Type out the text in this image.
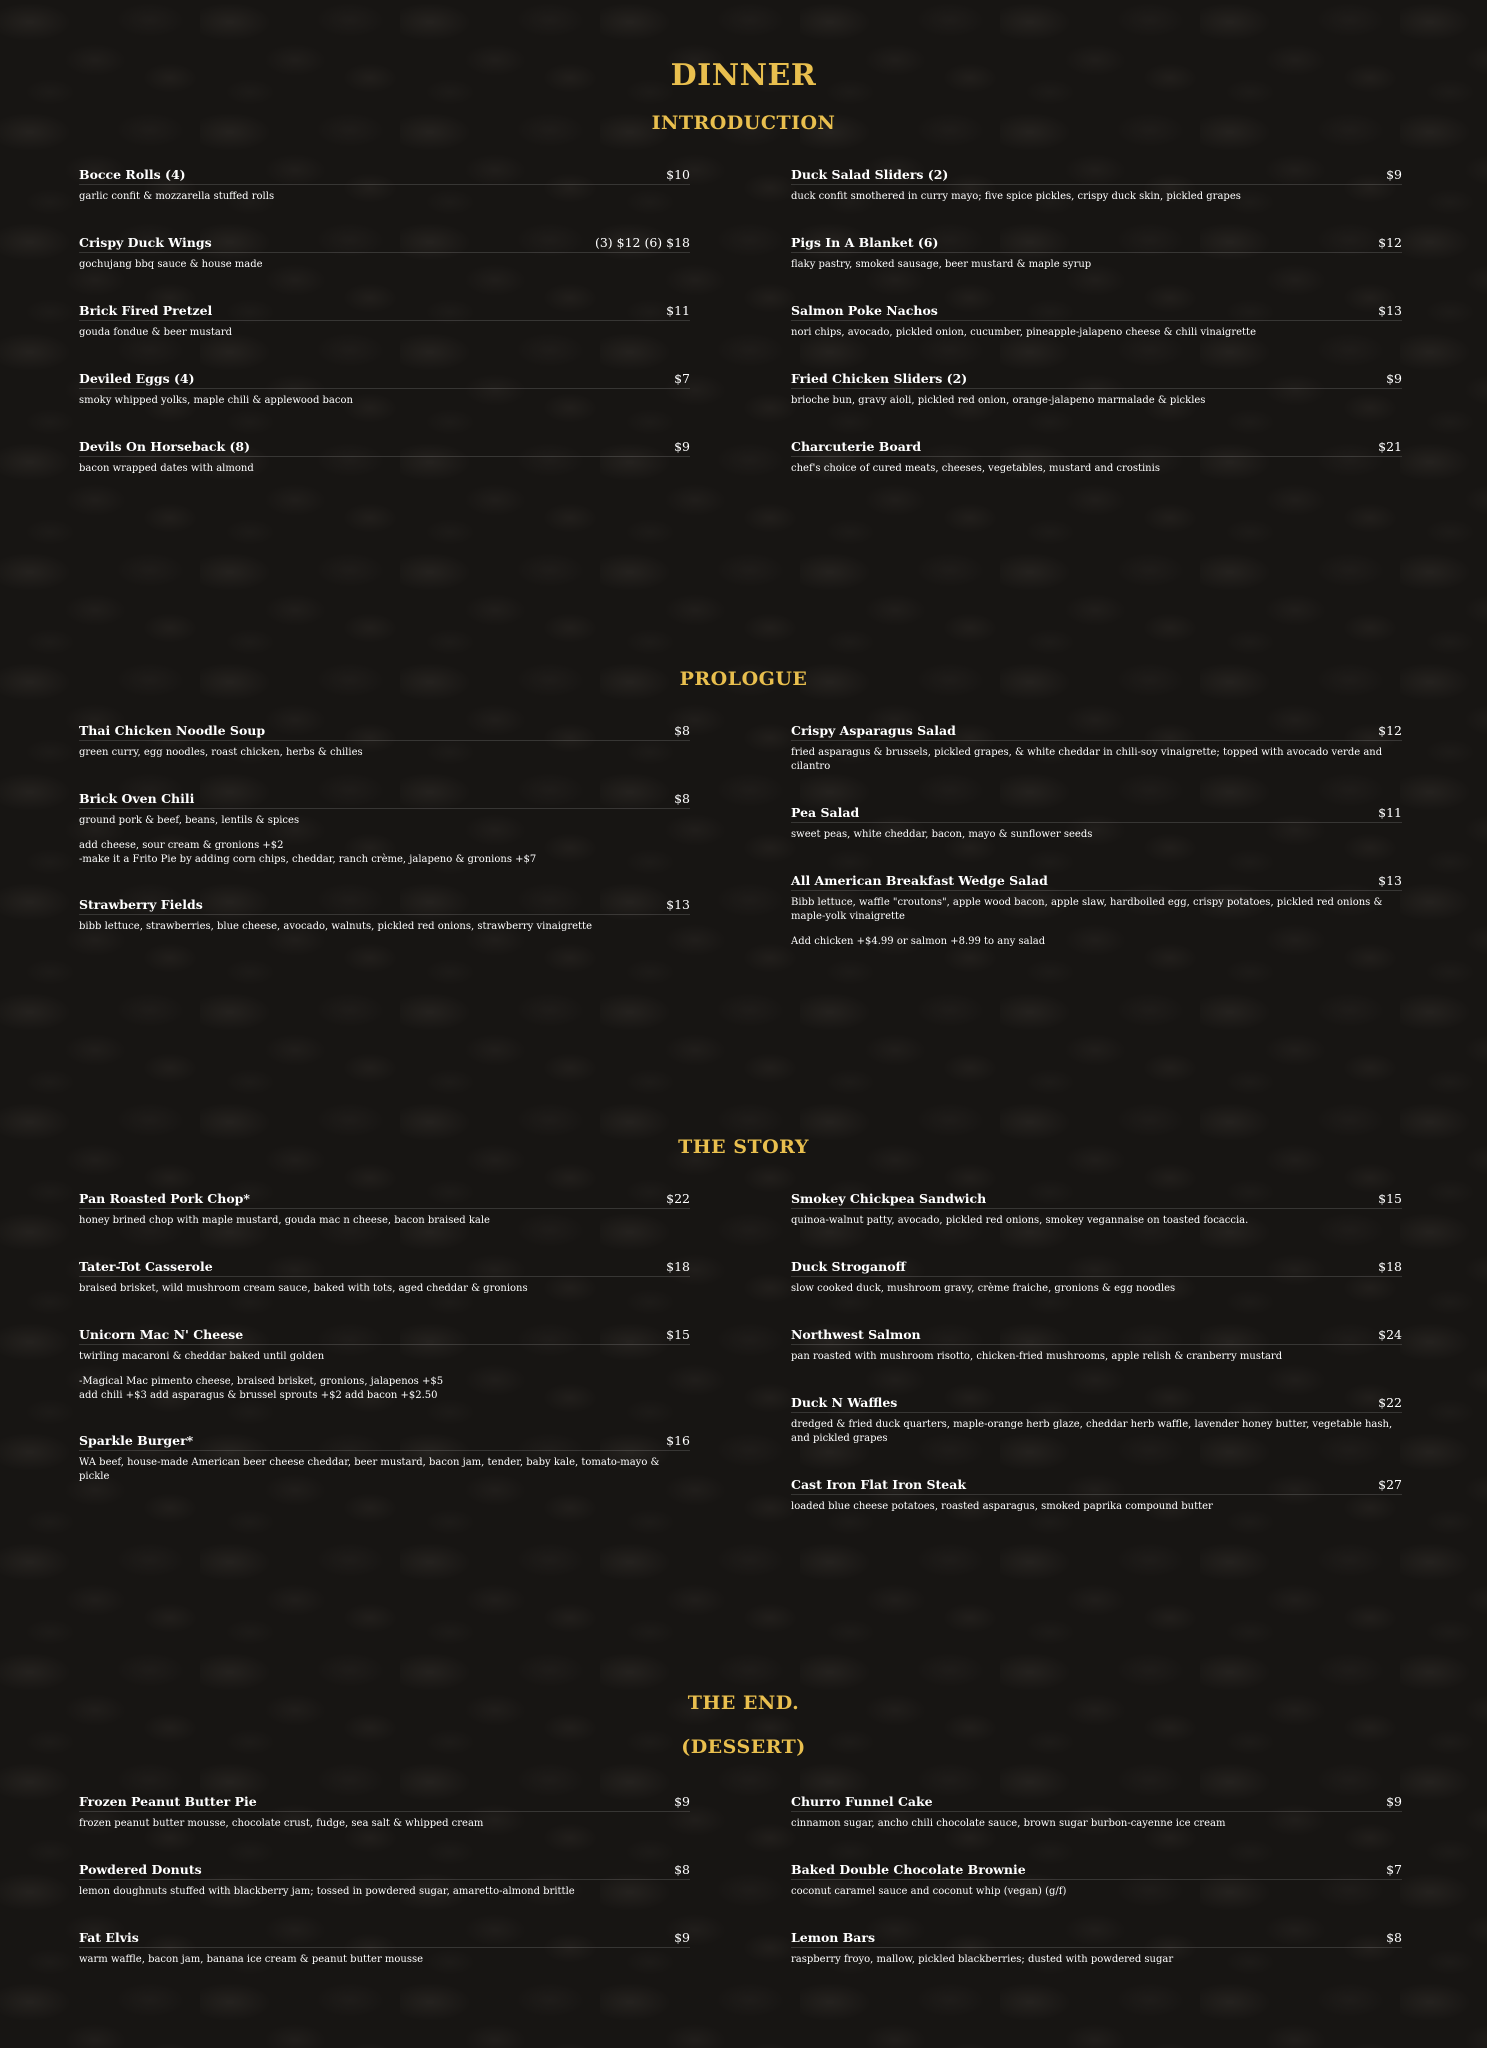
DINNER
INTRODUCTION
Bocce Rolls (4)	$10
garlic confit & mozzarella stuffed rolls
Crispy Duck Wings	(3) $12 (6) $18
gochujang bbq sauce & house made
Brick Fired Pretzel	$11
gouda fondue & beer mustard
Deviled Eggs (4)	$7
smoky whipped yolks, maple chili & applewood bacon
Devils On Horseback (8)	$9
bacon wrapped dates with almond
Duck Salad Sliders (2)	$9
duck confit smothered in curry mayo; five spice pickles, crispy duck skin, pickled grapes
Pigs In A Blanket (6)	$12
flaky pastry, smoked sausage, beer mustard & maple syrup
Salmon Poke Nachos	$13
nori chips, avocado, pickled onion, cucumber, pineapple-jalapeno cheese & chili vinaigrette
Fried Chicken Sliders (2)	$9
brioche bun, gravy aioli, pickled red onion, orange-jalapeno marmalade & pickles
Charcuterie Board	$21
chef's choice of cured meats, cheeses, vegetables, mustard and crostinis
PROLOGUE
Thai Chicken Noodle Soup	$8
green curry, egg noodles, roast chicken, herbs & chilies
Brick Oven Chili	$8
ground pork & beef, beans, lentils & spices
add cheese, sour cream & gronions +$2
-make it a Frito Pie by adding corn chips, cheddar, ranch crème, jalapeno & gronions +$7
Strawberry Fields	$13
bibb lettuce, strawberries, blue cheese, avocado, walnuts, pickled red onions, strawberry vinaigrette
Crispy Asparagus Salad	$12
fried asparagus & brussels, pickled grapes, & white cheddar in chili-soy vinaigrette; topped with avocado verde and cilantro
Pea Salad	$11
sweet peas, white cheddar, bacon, mayo & sunflower seeds
All American Breakfast Wedge Salad	$13
Bibb lettuce, waffle "croutons", apple wood bacon, apple slaw, hardboiled egg, crispy potatoes, pickled red onions & maple-yolk vinaigrette
Add chicken +$4.99 or salmon +8.99 to any salad
THE STORY
Pan Roasted Pork Chop*	$22
honey brined chop with maple mustard, gouda mac n cheese, bacon braised kale
Tater-Tot Casserole	$18
braised brisket, wild mushroom cream sauce, baked with tots, aged cheddar & gronions
Unicorn Mac N' Cheese	$15
twirling macaroni & cheddar baked until golden
-Magical Mac pimento cheese, braised brisket, gronions, jalapenos +$5
add chili +$3 add asparagus & brussel sprouts +$2 add bacon +$2.50
Sparkle Burger*	$16
WA beef, house-made American beer cheese cheddar, beer mustard, bacon jam, tender, baby kale, tomato-mayo & pickle
Smokey Chickpea Sandwich	$15
quinoa-walnut patty, avocado, pickled red onions, smokey vegannaise on toasted focaccia.
Duck Stroganoff	$18
slow cooked duck, mushroom gravy, crème fraiche, gronions & egg noodles
Northwest Salmon	$24
pan roasted with mushroom risotto, chicken-fried mushrooms, apple relish & cranberry mustard
Duck N Waffles	$22
dredged & fried duck quarters, maple-orange herb glaze, cheddar herb waffle, lavender honey butter, vegetable hash, and pickled grapes
Cast Iron Flat Iron Steak	$27
loaded blue cheese potatoes, roasted asparagus, smoked paprika compound butter
THE END.
(DESSERT)
Frozen Peanut Butter Pie	$9
frozen peanut butter mousse, chocolate crust, fudge, sea salt & whipped cream
Powdered Donuts	$8
lemon doughnuts stuffed with blackberry jam; tossed in powdered sugar, amaretto-almond brittle
Fat Elvis	$9
warm waffle, bacon jam, banana ice cream & peanut butter mousse
Churro Funnel Cake	$9
cinnamon sugar, ancho chili chocolate sauce, brown sugar burbon-cayenne ice cream
Baked Double Chocolate Brownie	$7
coconut caramel sauce and coconut whip (vegan) (g/f)
Lemon Bars	$8
raspberry froyo, mallow, pickled blackberries; dusted with powdered sugar
